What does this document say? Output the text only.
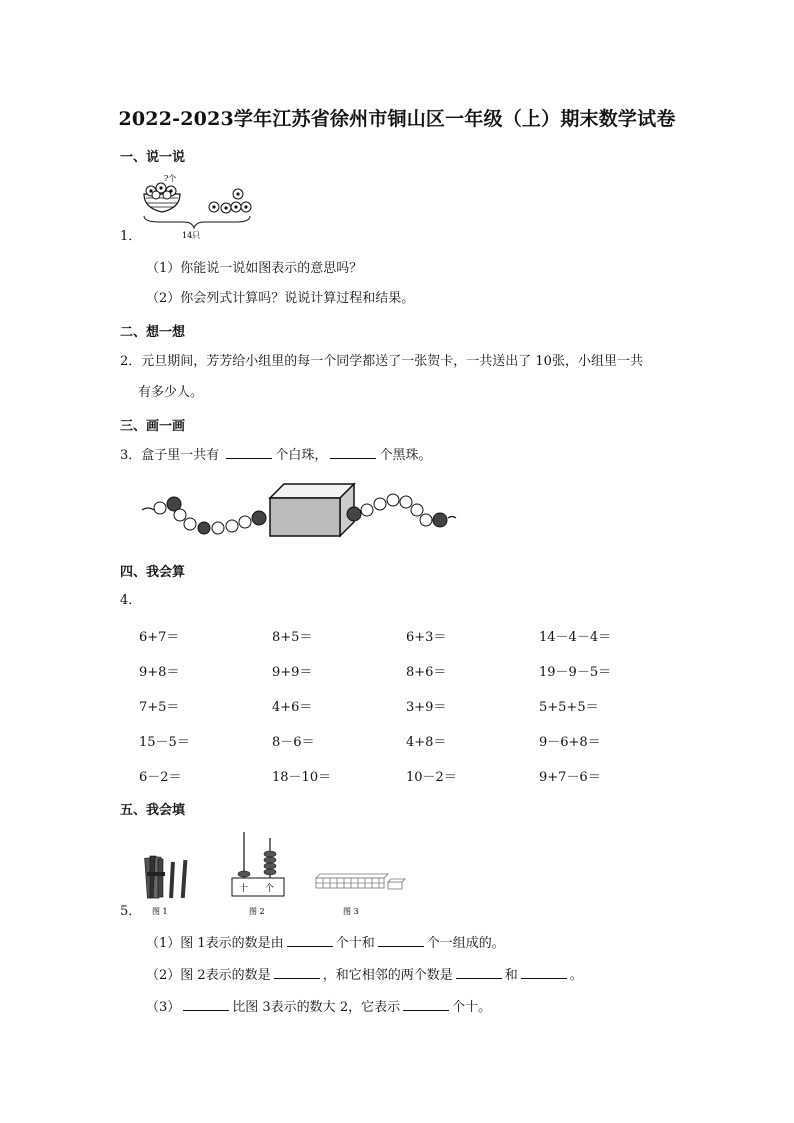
2022-2023学年江苏省徐州市铜山区一年级（上）期末数学试卷
一、说一说
?个
14只
1．
（1）你能说一说如图表示的意思吗？
（2）你会列式计算吗？说说计算过程和结果。
二、想一想
2．元旦期间，芳芳给小组里的每一个同学都送了一张贺卡，一共送出了 10张，小组里一共
有多少人。
三、画一画
3．盒子里一共有	个白珠，	个黑珠。
四、我会算
4．
6+7＝	8+5＝	6+3＝	14－4－4＝
9+8＝	9+9＝	8+6＝	19－9－5＝
7+5＝	4+6＝	3+9＝	5+5+5＝
15－5＝	8－6＝	4+8＝	9－6+8＝
6－2＝	18－10＝	10－2＝	9+7－6＝
五、我会填
图 1
十 个
图 2	图 3
5．
（1）图 1表示的数是由	个十和	个一组成的。
（2）图 2表示的数是	，和它相邻的两个数是	和	。
（3）	比图 3表示的数大 2，它表示	个十。
